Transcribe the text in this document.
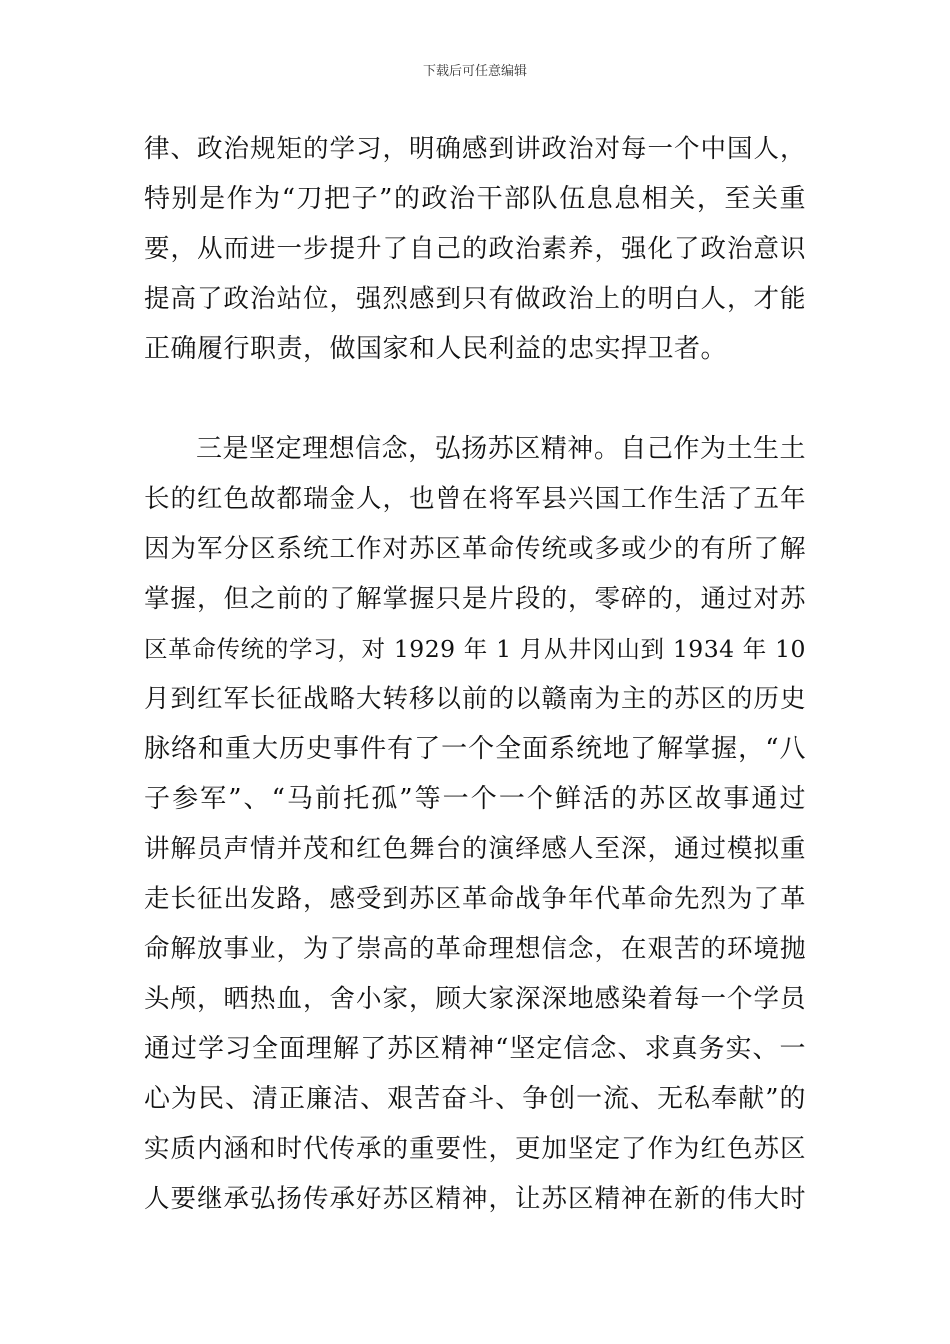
下载后可任意编辑
律、政治规矩的学习，明确感到讲政治对每一个中国人，
特别是作为“刀把子”的政治干部队伍息息相关，至关重
要，从而进一步提升了自己的政治素养，强化了政治意识
提高了政治站位，强烈感到只有做政治上的明白人，才能
正确履行职责，做国家和人民利益的忠实捍卫者。
三是坚定理想信念，弘扬苏区精神。自己作为土生土
长的红色故都瑞金人，也曾在将军县兴国工作生活了五年
因为军分区系统工作对苏区革命传统或多或少的有所了解
掌握，但之前的了解掌握只是片段的，零碎的，通过对苏
区革命传统的学习，对 1929 年 1 月从井冈山到 1934 年 10
月到红军长征战略大转移以前的以赣南为主的苏区的历史
脉络和重大历史事件有了一个全面系统地了解掌握，“八
子参军”、“马前托孤”等一个一个鲜活的苏区故事通过
讲解员声情并茂和红色舞台的演绎感人至深，通过模拟重
走长征出发路，感受到苏区革命战争年代革命先烈为了革
命解放事业，为了崇高的革命理想信念，在艰苦的环境抛
头颅，晒热血，舍小家，顾大家深深地感染着每一个学员
通过学习全面理解了苏区精神“坚定信念、求真务实、一
心为民、清正廉洁、艰苦奋斗、争创一流、无私奉献”的
实质内涵和时代传承的重要性，更加坚定了作为红色苏区
人要继承弘扬传承好苏区精神，让苏区精神在新的伟大时
